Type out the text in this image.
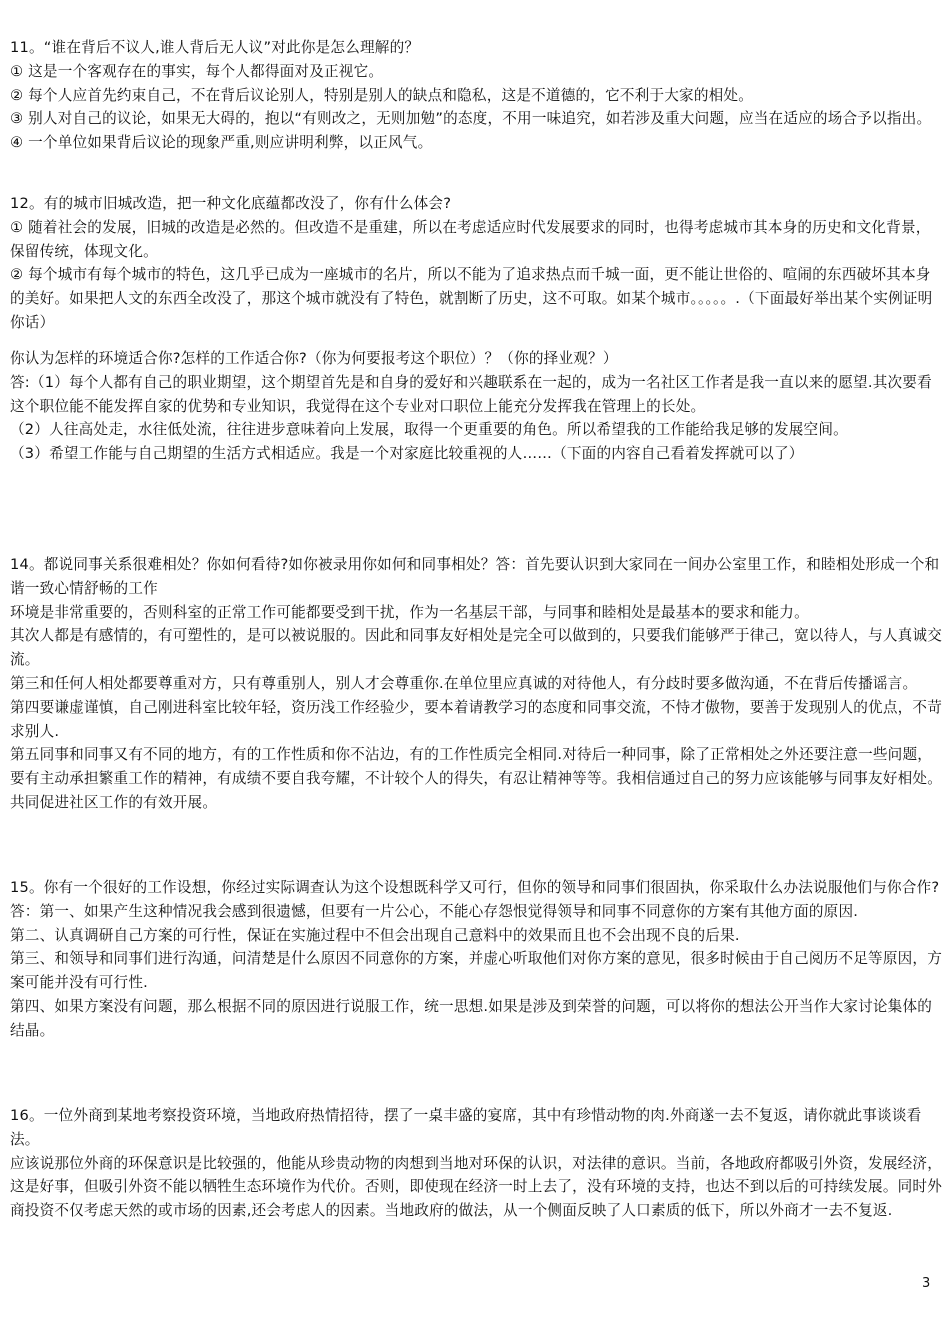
11。“谁在背后不议人,谁人背后无人议”对此你是怎么理解的？

① 这是一个客观存在的事实，每个人都得面对及正视它。

② 每个人应首先约束自己，不在背后议论别人，特别是别人的缺点和隐私，这是不道德的，它不利于大家的相处。

③ 别人对自己的议论，如果无大碍的，抱以“有则改之，无则加勉”的态度，不用一味追究，如若涉及重大问题，应当在适应的场合予以指出。

④ 一个单位如果背后议论的现象严重,则应讲明利弊，以正风气。

12。有的城市旧城改造，把一种文化底蕴都改没了，你有什么体会?

① 随着社会的发展，旧城的改造是必然的。但改造不是重建，所以在考虑适应时代发展要求的同时，也得考虑城市其本身的历史和文化背景，保留传统，体现文化。

② 每个城市有每个城市的特色，这几乎已成为一座城市的名片，所以不能为了追求热点而千城一面，更不能让世俗的、喧闹的东西破坏其本身的美好。如果把人文的东西全改没了，那这个城市就没有了特色，就割断了历史，这不可取。如某个城市。。。。。.（下面最好举出某个实例证明你话）

你认为怎样的环境适合你?怎样的工作适合你?（你为何要报考这个职位）？（你的择业观？）

答:（1）每个人都有自己的职业期望，这个期望首先是和自身的爱好和兴趣联系在一起的，成为一名社区工作者是我一直以来的愿望.其次要看这个职位能不能发挥自家的优势和专业知识，我觉得在这个专业对口职位上能充分发挥我在管理上的长处。

（2）人往高处走，水往低处流，往往进步意味着向上发展，取得一个更重要的角色。所以希望我的工作能给我足够的发展空间。

（3）希望工作能与自己期望的生活方式相适应。我是一个对家庭比较重视的人……（下面的内容自己看着发挥就可以了）

14。都说同事关系很难相处？你如何看待?如你被录用你如何和同事相处？答：首先要认识到大家同在一间办公室里工作，和睦相处形成一个和谐一致心情舒畅的工作

环境是非常重要的，否则科室的正常工作可能都要受到干扰，作为一名基层干部，与同事和睦相处是最基本的要求和能力。

其次人都是有感情的，有可塑性的，是可以被说服的。因此和同事友好相处是完全可以做到的，只要我们能够严于律己，宽以待人，与人真诚交流。

第三和任何人相处都要尊重对方，只有尊重别人，别人才会尊重你.在单位里应真诚的对待他人，有分歧时要多做沟通，不在背后传播谣言。

第四要谦虚谨慎，自己刚进科室比较年轻，资历浅工作经验少，要本着请教学习的态度和同事交流，不恃才傲物，要善于发现别人的优点，不苛求别人.

第五同事和同事又有不同的地方，有的工作性质和你不沾边，有的工作性质完全相同.对待后一种同事，除了正常相处之外还要注意一些问题，要有主动承担繁重工作的精神，有成绩不要自我夸耀，不计较个人的得失，有忍让精神等等。我相信通过自己的努力应该能够与同事友好相处。共同促进社区工作的有效开展。

15。你有一个很好的工作设想，你经过实际调查认为这个设想既科学又可行，但你的领导和同事们很固执，你采取什么办法说服他们与你合作?

答：第一、如果产生这种情况我会感到很遗憾，但要有一片公心，不能心存怨恨觉得领导和同事不同意你的方案有其他方面的原因.

第二、认真调研自己方案的可行性，保证在实施过程中不但会出现自己意料中的效果而且也不会出现不良的后果.

第三、和领导和同事们进行沟通，问清楚是什么原因不同意你的方案，并虚心听取他们对你方案的意见，很多时候由于自己阅历不足等原因，方案可能并没有可行性.

第四、如果方案没有问题，那么根据不同的原因进行说服工作，统一思想.如果是涉及到荣誉的问题，可以将你的想法公开当作大家讨论集体的结晶。

16。一位外商到某地考察投资环境，当地政府热情招待，摆了一桌丰盛的宴席，其中有珍惜动物的肉.外商遂一去不复返，请你就此事谈谈看法。

应该说那位外商的环保意识是比较强的，他能从珍贵动物的肉想到当地对环保的认识，对法律的意识。当前，各地政府都吸引外资，发展经济，这是好事，但吸引外资不能以牺牲生态环境作为代价。否则，即使现在经济一时上去了，没有环境的支持，也达不到以后的可持续发展。同时外商投资不仅考虑天然的或市场的因素,还会考虑人的因素。当地政府的做法，从一个侧面反映了人口素质的低下，所以外商才一去不复返.

3
